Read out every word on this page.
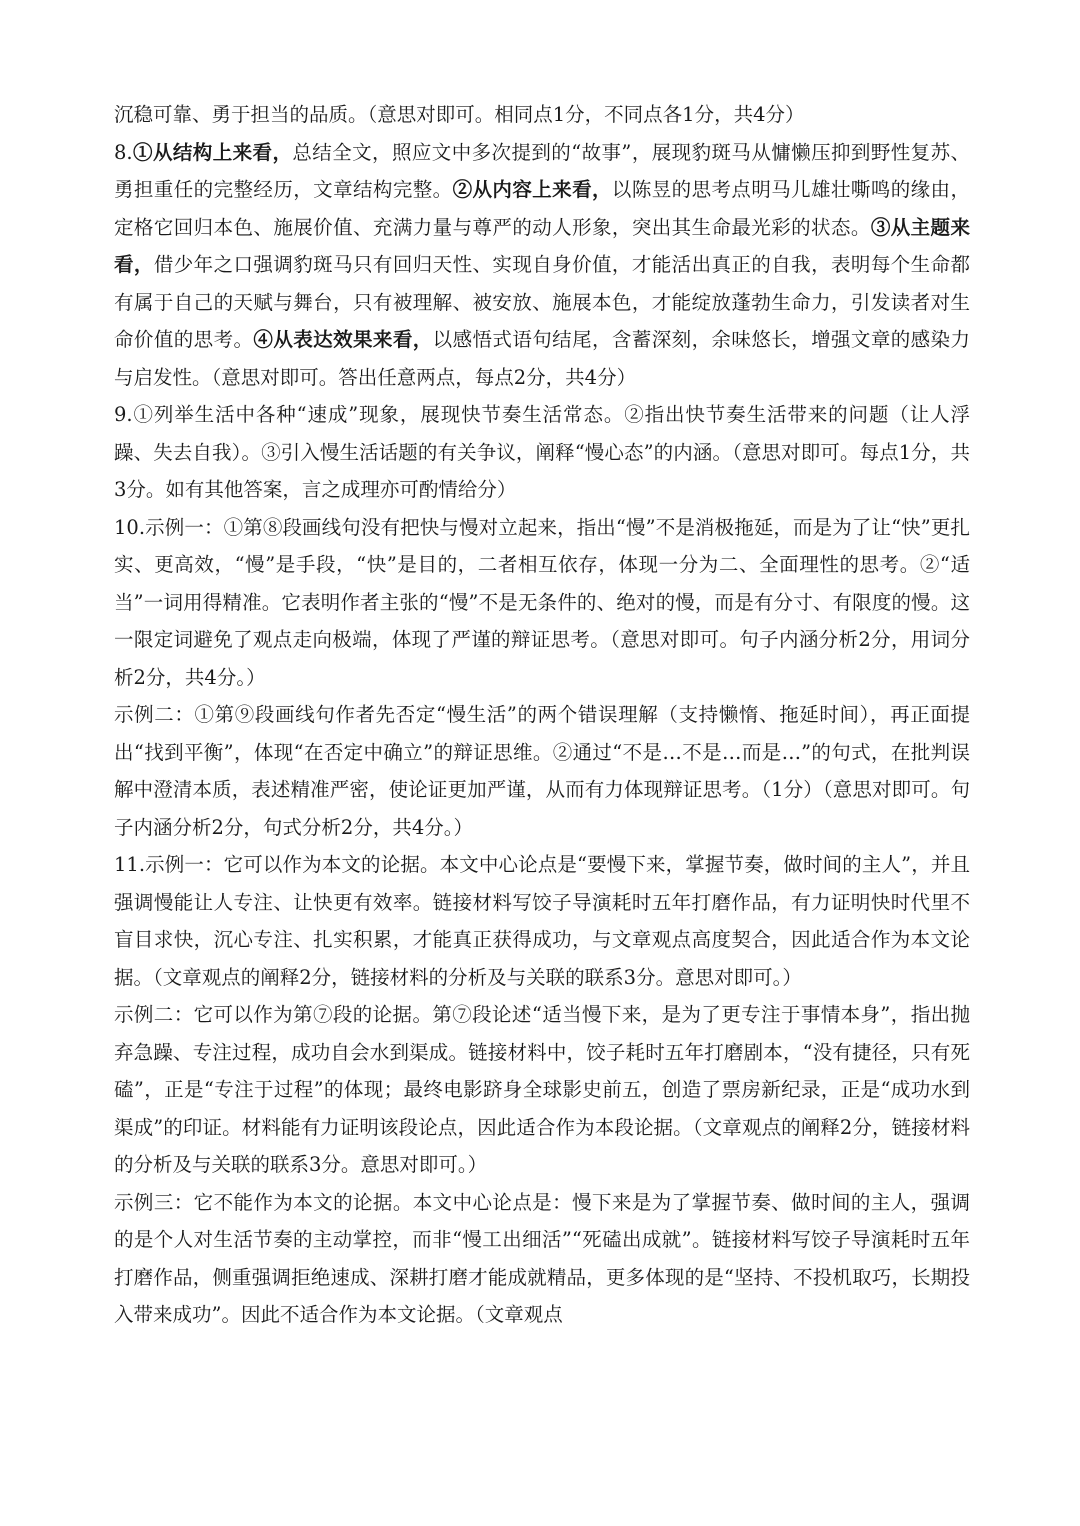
沉稳可靠、勇于担当的品质。（意思对即可。相同点1分，不同点各1分，共4分）

8.①从结构上来看，总结全文，照应文中多次提到的“故事”，展现豹斑马从慵懒压抑到野性复苏、勇担重任的完整经历，文章结构完整。②从内容上来看，以陈昱的思考点明马儿雄壮嘶鸣的缘由，定格它回归本色、施展价值、充满力量与尊严的动人形象，突出其生命最光彩的状态。③从主题来看，借少年之口强调豹斑马只有回归天性、实现自身价值，才能活出真正的自我，表明每个生命都有属于自己的天赋与舞台，只有被理解、被安放、施展本色，才能绽放蓬勃生命力，引发读者对生命价值的思考。④从表达效果来看，以感悟式语句结尾，含蓄深刻，余味悠长，增强文章的感染力与启发性。（意思对即可。答出任意两点，每点2分，共4分）

9.①列举生活中各种“速成”现象，展现快节奏生活常态。②指出快节奏生活带来的问题（让人浮躁、失去自我）。③引入慢生活话题的有关争议，阐释“慢心态”的内涵。（意思对即可。每点1分，共3分。如有其他答案，言之成理亦可酌情给分）

10.示例一：①第⑧段画线句没有把快与慢对立起来，指出“慢”不是消极拖延，而是为了让“快”更扎实、更高效，“慢”是手段，“快”是目的，二者相互依存，体现一分为二、全面理性的思考。②“适当”一词用得精准。它表明作者主张的“慢”不是无条件的、绝对的慢，而是有分寸、有限度的慢。这一限定词避免了观点走向极端，体现了严谨的辩证思考。（意思对即可。句子内涵分析2分，用词分析2分，共4分。）

示例二：①第⑨段画线句作者先否定“慢生活”的两个错误理解（支持懒惰、拖延时间），再正面提出“找到平衡”，体现“在否定中确立”的辩证思维。②通过“不是…不是…而是…”的句式，在批判误解中澄清本质，表述精准严密，使论证更加严谨，从而有力体现辩证思考。（1分）（意思对即可。句子内涵分析2分，句式分析2分，共4分。）

11.示例一：它可以作为本文的论据。本文中心论点是“要慢下来，掌握节奏，做时间的主人”，并且强调慢能让人专注、让快更有效率。链接材料写饺子导演耗时五年打磨作品，有力证明快时代里不盲目求快，沉心专注、扎实积累，才能真正获得成功，与文章观点高度契合，因此适合作为本文论据。（文章观点的阐释2分，链接材料的分析及与关联的联系3分。意思对即可。）

示例二：它可以作为第⑦段的论据。第⑦段论述“适当慢下来，是为了更专注于事情本身”，指出抛弃急躁、专注过程，成功自会水到渠成。链接材料中，饺子耗时五年打磨剧本，“没有捷径，只有死磕”，正是“专注于过程”的体现；最终电影跻身全球影史前五，创造了票房新纪录，正是“成功水到渠成”的印证。材料能有力证明该段论点，因此适合作为本段论据。（文章观点的阐释2分，链接材料的分析及与关联的联系3分。意思对即可。）

示例三：它不能作为本文的论据。本文中心论点是：慢下来是为了掌握节奏、做时间的主人，强调的是个人对生活节奏的主动掌控，而非“慢工出细活”“死磕出成就”。链接材料写饺子导演耗时五年打磨作品，侧重强调拒绝速成、深耕打磨才能成就精品，更多体现的是“坚持、不投机取巧，长期投入带来成功”。因此不适合作为本文论据。（文章观点
